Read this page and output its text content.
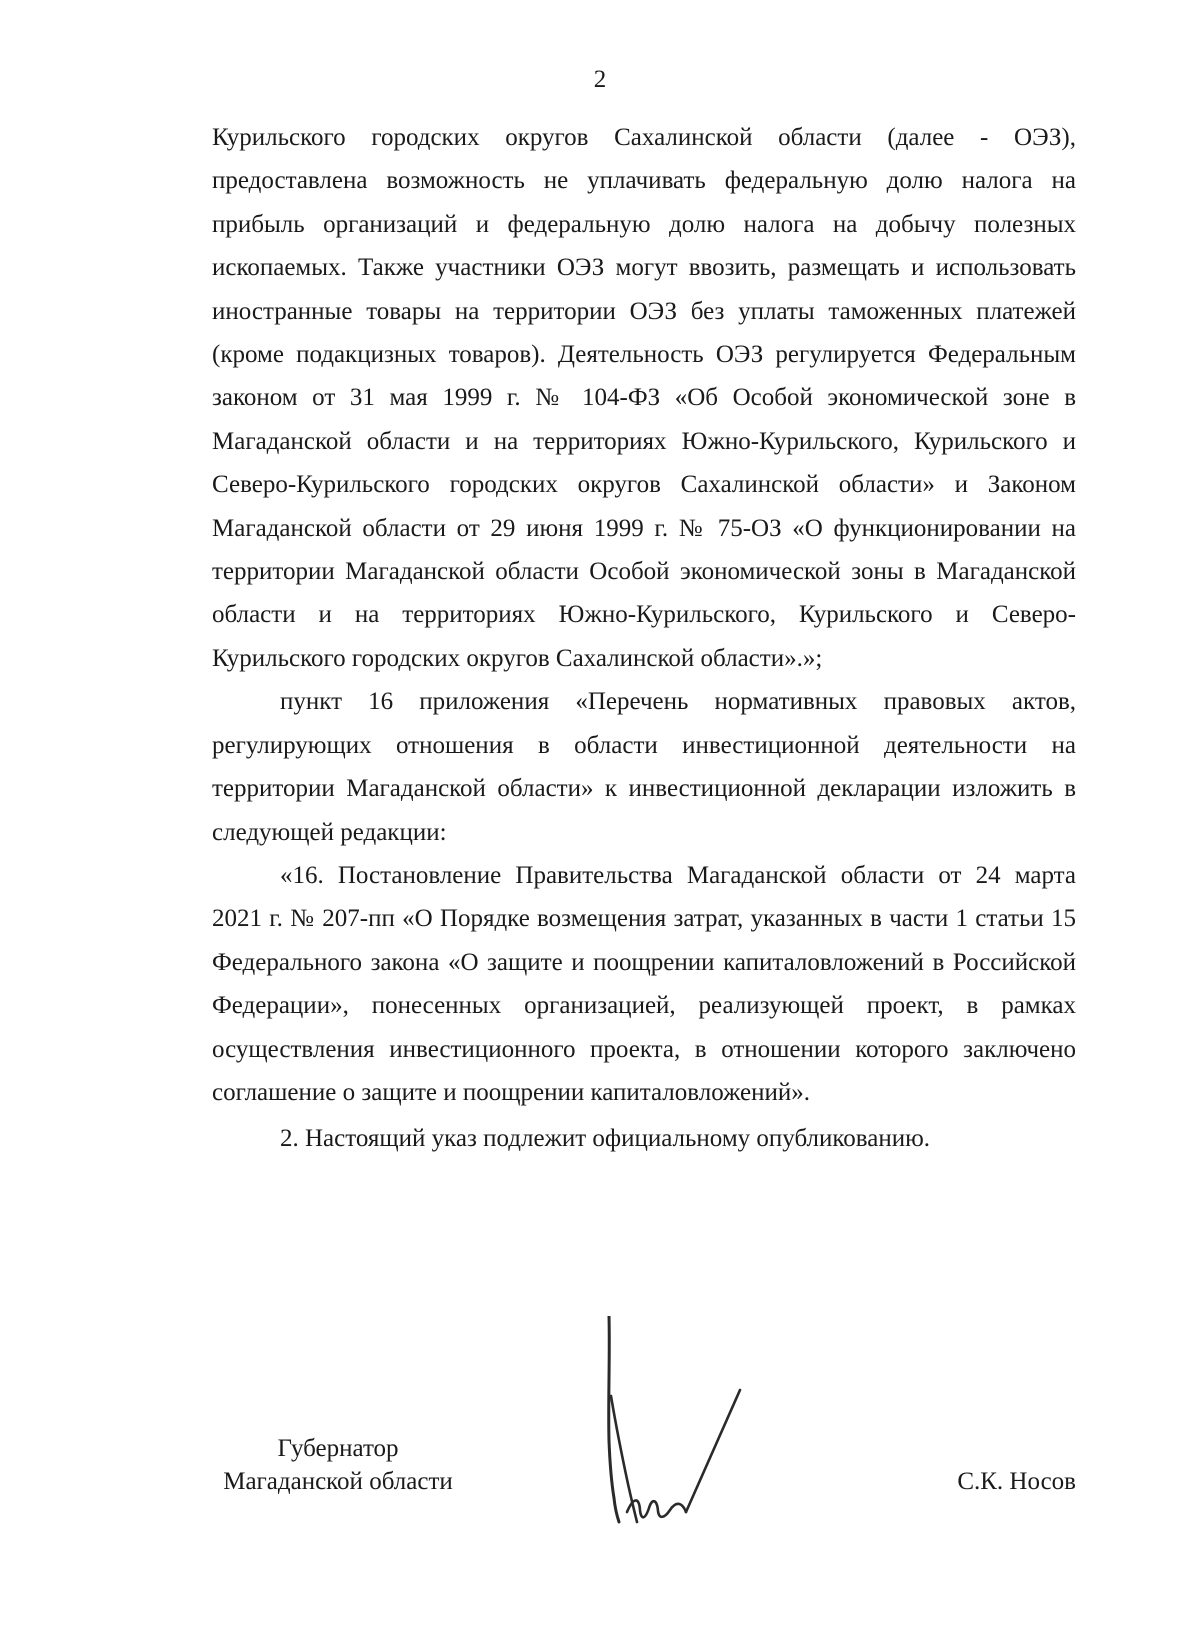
2

Курильского городских округов Сахалинской области (далее - ОЭЗ), предоставлена возможность не уплачивать федеральную долю налога на прибыль организаций и федеральную долю налога на добычу полезных ископаемых. Также участники ОЭЗ могут ввозить, размещать и использовать иностранные товары на территории ОЭЗ без уплаты таможенных платежей (кроме подакцизных товаров). Деятельность ОЭЗ регулируется Федеральным законом от 31 мая 1999 г. № 104-ФЗ «Об Особой экономической зоне в Магаданской области и на территориях Южно-Курильского, Курильского и Северо-Курильского городских округов Сахалинской области» и Законом Магаданской области от 29 июня 1999 г. № 75-ОЗ «О функционировании на территории Магаданской области Особой экономической зоны в Магаданской области и на территориях Южно-Курильского, Курильского и Северо-Курильского городских округов Сахалинской области».»;

пункт 16 приложения «Перечень нормативных правовых актов, регулирующих отношения в области инвестиционной деятельности на территории Магаданской области» к инвестиционной декларации изложить в следующей редакции:

«16. Постановление Правительства Магаданской области от 24 марта 2021 г. № 207-пп «О Порядке возмещения затрат, указанных в части 1 статьи 15 Федерального закона «О защите и поощрении капиталовложений в Российской Федерации», понесенных организацией, реализующей проект, в рамках осуществления инвестиционного проекта, в отношении которого заключено соглашение о защите и поощрении капиталовложений».

2. Настоящий указ подлежит официальному опубликованию.

Губернатор
Магаданской области	С.К. Носов
